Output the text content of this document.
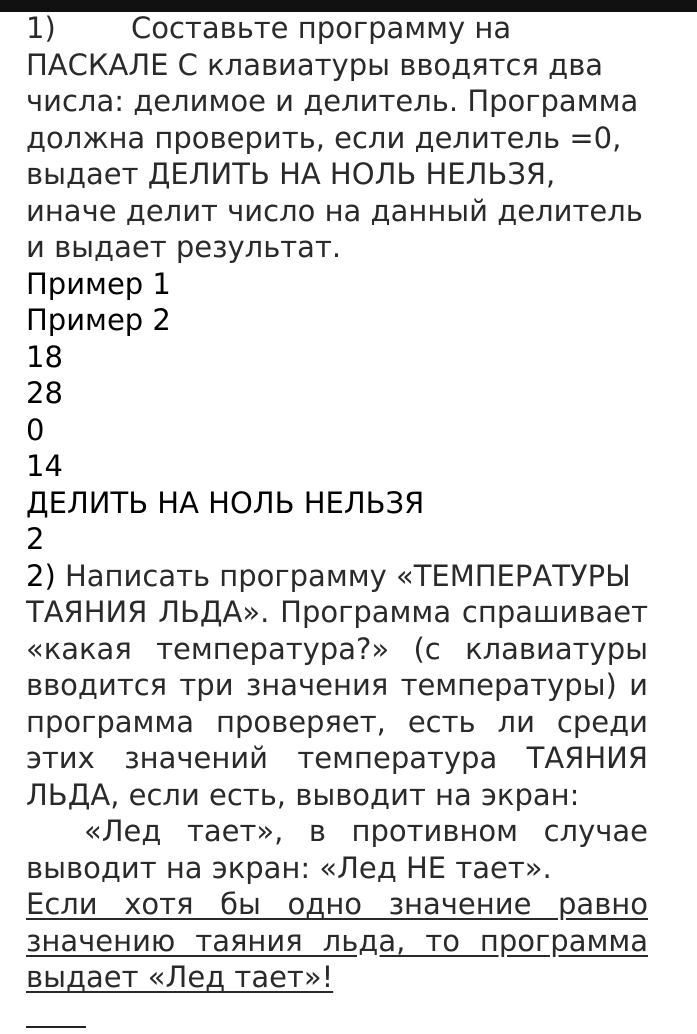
1)	Составьте программу на
ПАСКАЛЕ С клавиатуры вводятся два
числа: делимое и делитель. Программа
должна проверить, если делитель =0,
выдает ДЕЛИТЬ НА НОЛЬ НЕЛЬЗЯ,
иначе делит число на данный делитель
и выдает результат.
Пример 1
Пример 2
18
28
0
14
ДЕЛИТЬ НА НОЛЬ НЕЛЬЗЯ
2
2) Написать программу «ТЕМПЕРАТУРЫ
ТАЯНИЯ ЛЬДА». Программа спрашивает
«какая температура?» (с клавиатуры
вводится три значения температуры) и
программа проверяет, есть ли среди
этих значений температура ТАЯНИЯ
ЛЬДА, если есть, выводит на экран:
«Лед тает», в противном случае
выводит на экран: «Лед НЕ тает».
Если хотя бы одно значение равно
значению таяния льда, то программа
выдает «Лед тает»!
